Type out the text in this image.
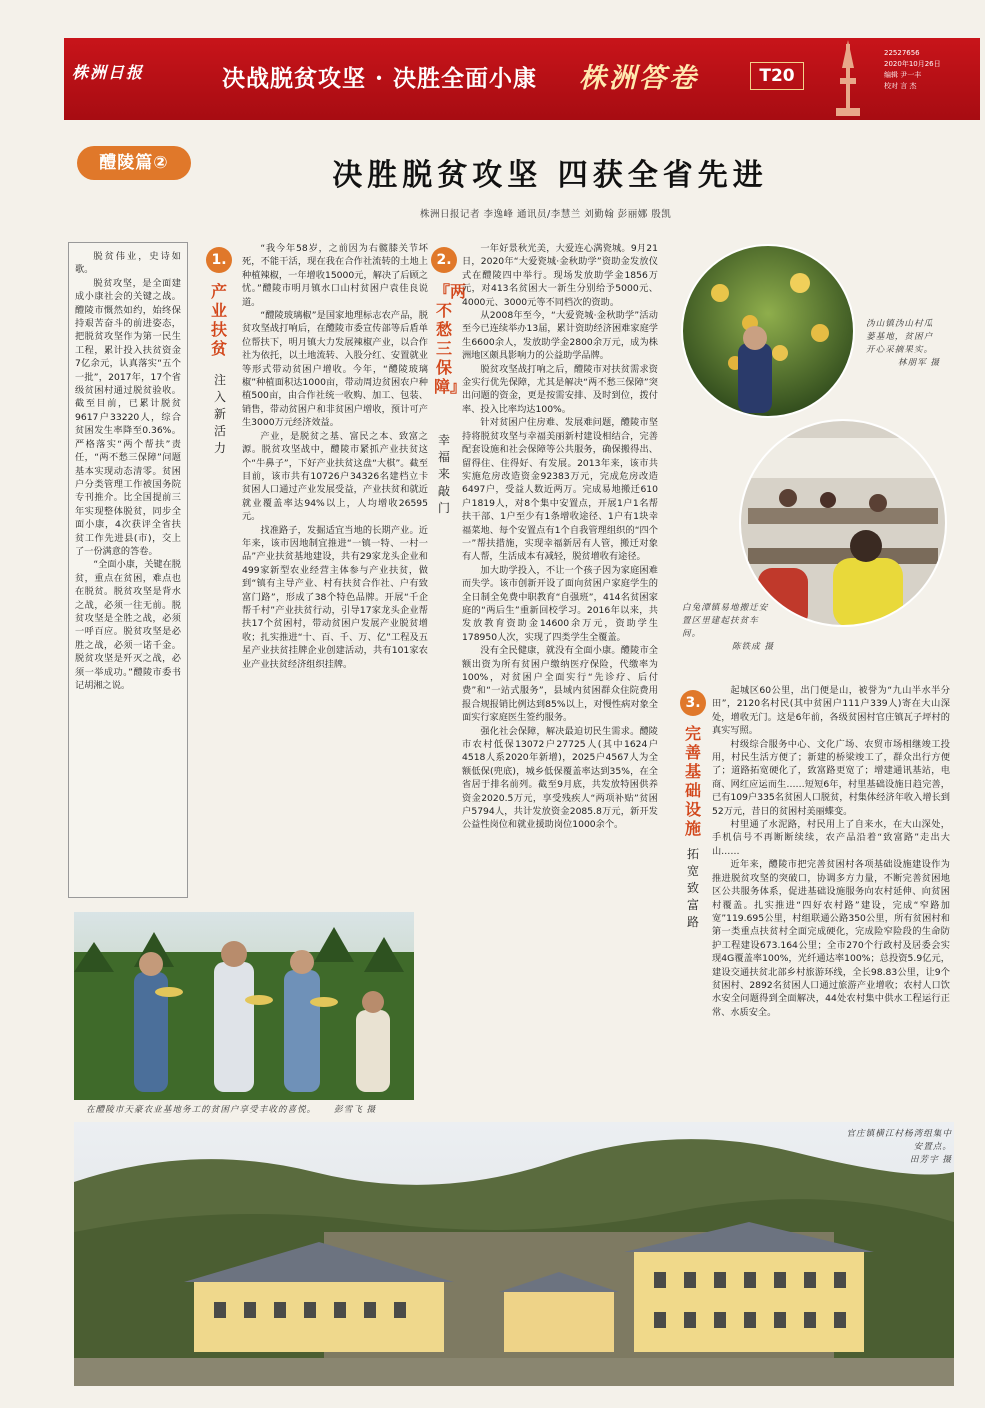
株洲日报	决战脱贫攻坚 · 决胜全面小康 株洲答卷	T20
22527656
2020年10月26日
编辑 尹一丰
校对 言 杰
醴陵篇②	决胜脱贫攻坚 四获全省先进
株洲日报记者 李逸峰 通讯员/李慧兰 刘勤翰 彭丽娜 殷凯

脱贫伟业，史诗如歌。

脱贫攻坚，是全面建成小康社会的关键之战。醴陵市慨然如约，始终保持艰苦奋斗的前进姿态，把脱贫攻坚作为第一民生工程，累计投入扶贫资金7亿余元，认真落实“五个一批”，2017年，17个省级贫困村通过脱贫验收。截至目前，已累计脱贫9617户33220人，综合贫困发生率降至0.36%。严格落实“两个帮扶”责任，“两不愁三保障”问题基本实现动态清零。贫困户分类管理工作被国务院专刊推介。比全国提前三年实现整体脱贫，同步全面小康，4次获评全省扶贫工作先进县(市)，交上了一份满意的答卷。

“全面小康，关键在脱贫，重点在贫困，难点也在脱贫。脱贫攻坚是背水之战，必须一往无前。脱贫攻坚是全胜之战，必须一呼百应。脱贫攻坚是必胜之战，必须一诺千金。脱贫攻坚是歼灭之战，必须一举成功。”醴陵市委书记胡湘之说。

1.
产业扶贫
注入新活力

“我今年58岁，之前因为右髋膝关节坏死，不能干活，现在我在合作社流转的土地上种植辣椒，一年增收15000元，解决了后顾之忧。”醴陵市明月镇水口山村贫困户袁佳良说道。

“醴陵玻璃椒”是国家地理标志农产品，脱贫攻坚战打响后，在醴陵市委宣传部等后盾单位帮扶下，明月镇大力发展辣椒产业，以合作社为依托，以土地流转、入股分红、安置就业等形式带动贫困户增收。今年，“醴陵玻璃椒”种植面积达1000亩，带动周边贫困农户种植500亩，由合作社统一收购、加工、包装、销售，带动贫困户和非贫困户增收，预计可产生3000万元经济效益。

产业，是脱贫之基、富民之本、致富之源。脱贫攻坚战中，醴陵市紧抓产业扶贫这个“牛鼻子”，下好产业扶贫这盘“大棋”。截至目前，该市共有10726户34326名建档立卡贫困人口通过产业发展受益，产业扶贫和就近就业覆盖率达94%以上，人均增收26595元。

找准路子，发掘适宜当地的长期产业。近年来，该市因地制宜推进“一镇一特、一村一品”产业扶贫基地建设，共有29家龙头企业和499家新型农业经营主体参与产业扶贫，做到“镇有主导产业、村有扶贫合作社、户有致富门路”，形成了38个特色品牌。开展“千企帮千村”产业扶贫行动，引导17家龙头企业帮扶17个贫困村，带动贫困户发展产业脱贫增收；扎实推进“十、百、千、万、亿”工程及五星产业扶贫挂牌企业创建活动，共有101家农业产业扶贫经济组织挂牌。

2.
『两不愁三保障』
幸福来敲门

一年好景秋光美，大爱连心满瓷城。9月21日，2020年“大爱瓷城·金秋助学”资助金发放仪式在醴陵四中举行。现场发放助学金1856万元，对413名贫困大一新生分别给予5000元、4000元、3000元等不同档次的资助。

从2008年至今，“大爱瓷城·金秋助学”活动至今已连续举办13届，累计资助经济困难家庭学生6600余人，发放助学金2800余万元，成为株洲地区颇具影响力的公益助学品牌。

脱贫攻坚战打响之后，醴陵市对扶贫需求资金实行优先保障，尤其是解决“两不愁三保障”突出问题的资金，更是按需安排、及时到位，拨付率、投入比率均达100%。

针对贫困户住房难、发展难问题，醴陵市坚持将脱贫攻坚与幸福美丽新村建设相结合，完善配套设施和社会保障等公共服务，确保搬得出、留得住、住得好、有发展。2013年来，该市共实施危房改造资金92383万元，完成危房改造6497户，受益人数近两万。完成易地搬迁610户1819人，对8个集中安置点，开展1户1名帮扶干部、1户至少有1条增收途径、1户有1块幸福菜地、每个安置点有1个自我管理组织的“四个一”帮扶措施，实现幸福新居有人管，搬迁对象有人帮，生活成本有减轻，脱贫增收有途径。

加大助学投入，不让一个孩子因为家庭困难而失学。该市创新开设了面向贫困户家庭学生的全日制全免费中职教育“自强班”，414名贫困家庭的“两后生”重新回校学习。2016年以来，共发放教育资助金14600余万元，资助学生178950人次，实现了四类学生全覆盖。

没有全民健康，就没有全面小康。醴陵市全额出资为所有贫困户缴纳医疗保险，代缴率为100%，对贫困户全面实行“先诊疗、后付费”和“一站式服务”，县域内贫困群众住院费用报合规报销比例达到85%以上，对慢性病对象全面实行家庭医生签约服务。

强化社会保障，解决最迫切民生需求。醴陵市农村低保13072户27725人(其中1624户4518人系2020年新增)，2025户4567人为全额低保(兜底)，城乡低保覆盖率达到35%，在全省居于排名前列。截至9月底，共发放特困供养资金2020.5万元，享受残疾人“两项补贴”贫困户5794人，共计发放资金2085.8万元，新开发公益性岗位和就业援助岗位1000余个。

沩山镇沩山村瓜蒌基地，贫困户开心采摘果实。
林朋军 摄
白兔潭镇易地搬迁安置区里建起扶贫车间。
陈铁成 摄
3.
完善基础设施
拓宽致富路

起城区60公里，出门便是山，被誉为“九山半水半分田”，2120名村民(其中贫困户111户339人)寄在大山深处，增收无门。这是6年前，各级贫困村官庄镇瓦子坪村的真实写照。

村级综合服务中心、文化广场、农贸市场相继竣工投用，村民生活方便了；新建的桥梁竣工了，群众出行方便了；道路拓宽硬化了，致富路更宽了；增建通讯基站，电商、网红应运而生……短短6年，村里基础设施日趋完善，已有109户335名贫困人口脱贫，村集体经济年收入增长到52万元，昔日的贫困村美丽蝶变。

村里通了水泥路，村民用上了自来水，在大山深处，手机信号不再断断续续，农产品沿着“致富路”走出大山……

近年来，醴陵市把完善贫困村各项基础设施建设作为推进脱贫攻坚的突破口，协调多方力量，不断完善贫困地区公共服务体系，促进基础设施服务向农村延伸、向贫困村覆盖。扎实推进“四好农村路”建设，完成“窄路加宽”119.695公里，村组联通公路350公里，所有贫困村和第一类重点扶贫村全面完成硬化，完成险窄险段的生命防护工程建设673.164公里；全市270个行政村及居委会实现4G覆盖率100%，光纤通达率100%；总投资5.9亿元，建设交通扶贫北部乡村旅游环线，全长98.83公里，让9个贫困村、2892名贫困人口通过旅游产业增收；农村人口饮水安全问题得到全面解决，44处农村集中供水工程运行正常、水质安全。

在醴陵市天豪农业基地务工的贫困户享受丰收的喜悦。 彭雪飞 摄
官庄镇横江村杨湾组集中安置点。
田芳宇 摄
